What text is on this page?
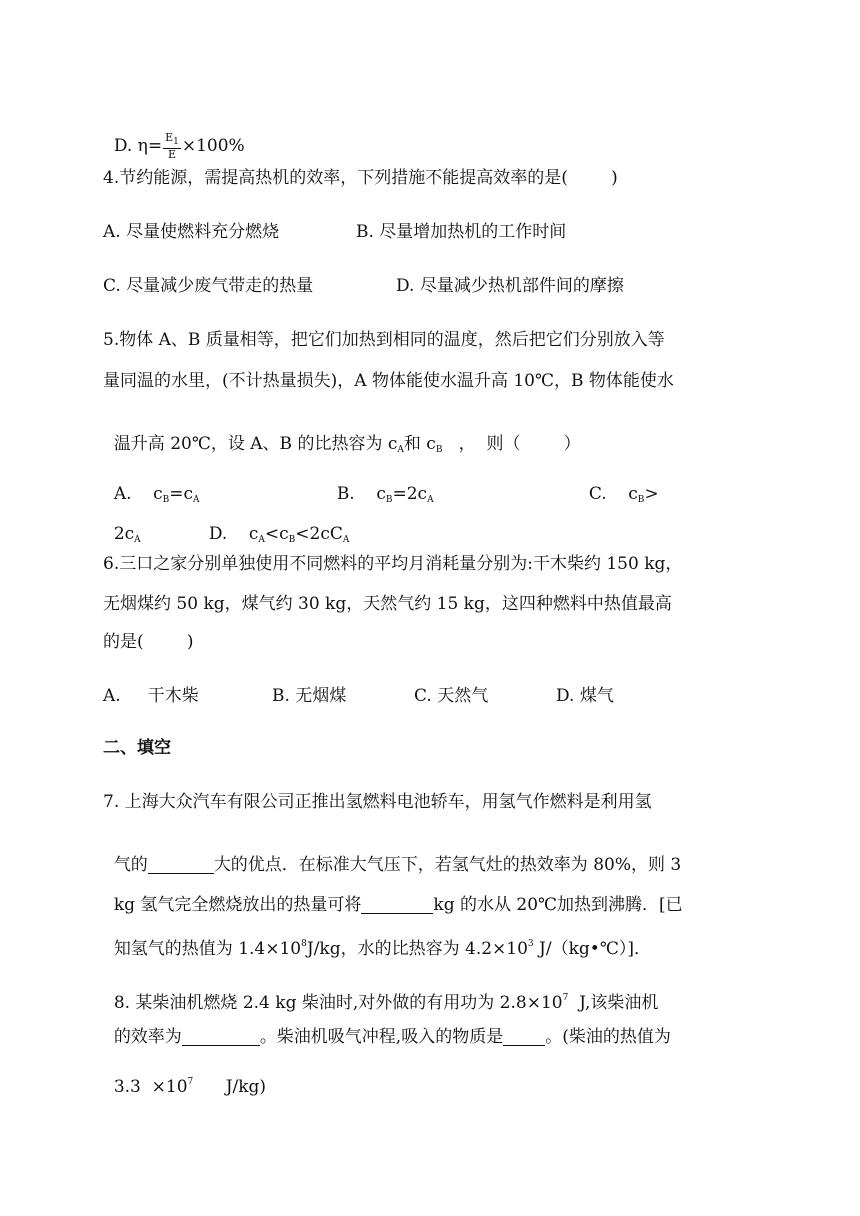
D. $\eta= \frac{E_1}{E} \times 100\%$

4.节约能源，需提高热机的效率，下列措施不能提高效率的是(        )
A. 尽量使燃料充分燃烧	B. 尽量增加热机的工作时间
C. 尽量减少废气带走的热量	D. 尽量减少热机部件间的摩擦
5.物体 A、B 质量相等，把它们加热到相同的温度，然后把它们分别放入等
量同温的水里，(不计热量损失)，A 物体能使水温升高 10℃，B 物体能使水

温升高 20℃，设 A、B 的比热容为 $c_A$和 $c_B$   ，  则（        ）

A.    $c_B=c_A$	B.    $c_B=2c_A$	C.    $c_B>$

$2c_A$	D.    $c_A<c_B<2cC_A$

6.三口之家分别单独使用不同燃料的平均月消耗量分别为:干木柴约 150 kg，
无烟煤约 50 kg，煤气约 30 kg，天然气约 15 kg，这四种燃料中热值最高
的是(        )
A.     干木柴	B. 无烟煤	C. 天然气	D. 煤气
二、填空
7. 上海大众汽车有限公司正推出氢燃料电池轿车，用氢气作燃料是利用氢

气的	大的优点．在标准大气压下，若氢气灶的热效率为 80%，则 3

kg 氢气完全燃烧放出的热量可将	kg 的水从 20℃加热到沸腾．[已

知氢气的热值为 $1.4\times 10^8J/kg$，水的比热容为 $4.2\times 10^3$ J/（kg•℃）]．

8. 某柴油机燃烧 2.4 kg 柴油时,对外做的有用功为 $2.8\times 10^7$  J,该柴油机

的效率为	。柴油机吸气冲程,吸入的物质是 。(柴油的热值为

$3.3 \times 10^7$      J/kg)
